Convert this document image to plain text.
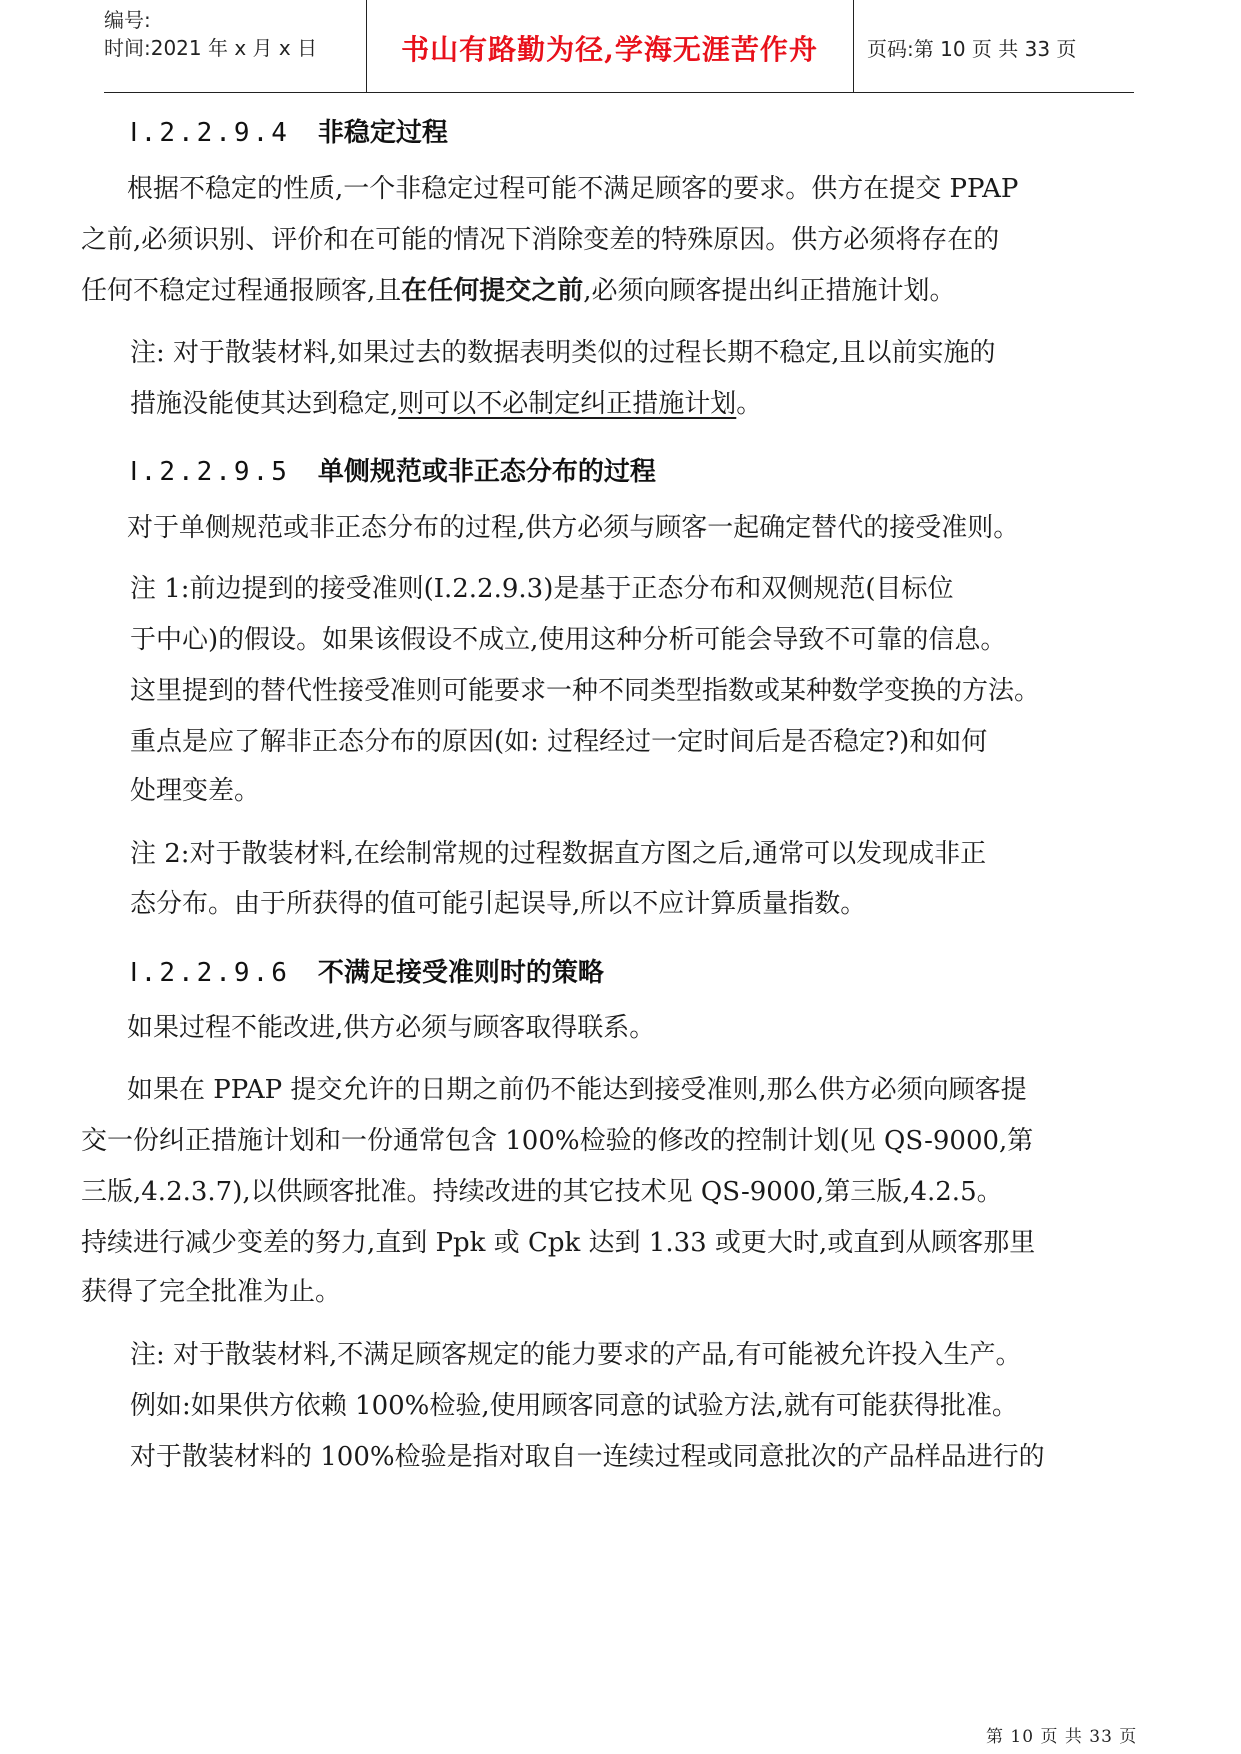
编号:
时间:2021 年 x 月 x 日	书山有路勤为径,学海无涯苦作舟	页码:第 10 页 共 33 页
Ⅰ.2.2.9.4 非稳定过程
根据不稳定的性质,一个非稳定过程可能不满足顾客的要求。供方在提交 PPAP
之前,必须识别、评价和在可能的情况下消除变差的特殊原因。供方必须将存在的
任何不稳定过程通报顾客,且在任何提交之前,必须向顾客提出纠正措施计划。
注: 对于散装材料,如果过去的数据表明类似的过程长期不稳定,且以前实施的
措施没能使其达到稳定,则可以不必制定纠正措施计划。
Ⅰ.2.2.9.5 单侧规范或非正态分布的过程
对于单侧规范或非正态分布的过程,供方必须与顾客一起确定替代的接受准则。
注 1:前边提到的接受准则(Ⅰ.2.2.9.3)是基于正态分布和双侧规范(目标位
于中心)的假设。如果该假设不成立,使用这种分析可能会导致不可靠的信息。
这里提到的替代性接受准则可能要求一种不同类型指数或某种数学变换的方法。
重点是应了解非正态分布的原因(如: 过程经过一定时间后是否稳定?)和如何
处理变差。
注 2:对于散装材料,在绘制常规的过程数据直方图之后,通常可以发现成非正
态分布。由于所获得的值可能引起误导,所以不应计算质量指数。
Ⅰ.2.2.9.6 不满足接受准则时的策略
如果过程不能改进,供方必须与顾客取得联系。
如果在 PPAP 提交允许的日期之前仍不能达到接受准则,那么供方必须向顾客提
交一份纠正措施计划和一份通常包含 100%检验的修改的控制计划(见 QS-9000,第
三版,4.2.3.7),以供顾客批准。持续改进的其它技术见 QS-9000,第三版,4.2.5。
持续进行减少变差的努力,直到 Ppk 或 Cpk 达到 1.33 或更大时,或直到从顾客那里
获得了完全批准为止。
注: 对于散装材料,不满足顾客规定的能力要求的产品,有可能被允许投入生产。
例如:如果供方依赖 100%检验,使用顾客同意的试验方法,就有可能获得批准。
对于散装材料的 100%检验是指对取自一连续过程或同意批次的产品样品进行的
第 10 页 共 33 页
